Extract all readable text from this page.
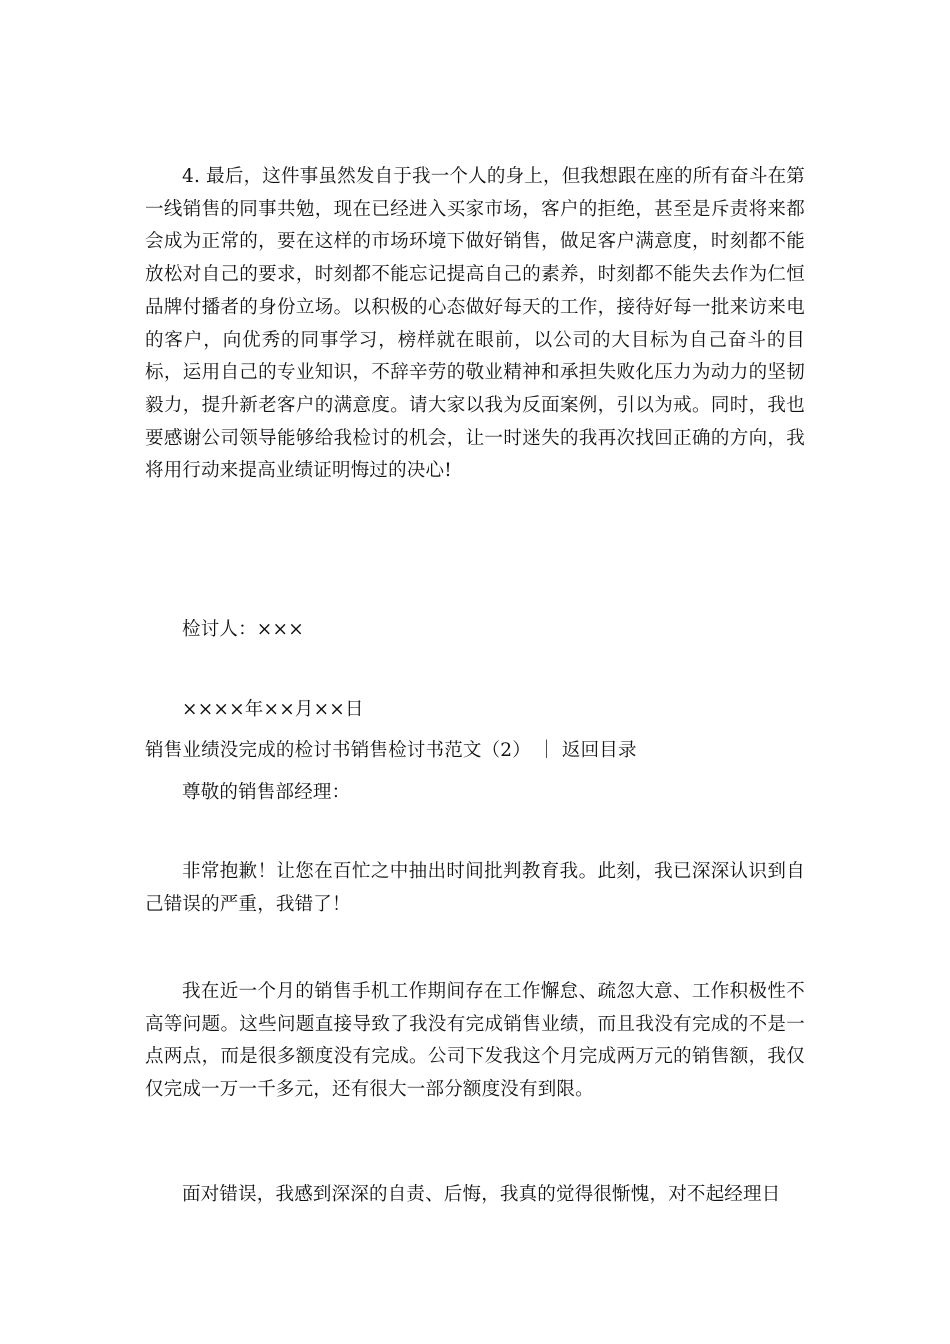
4. 最后，这件事虽然发自于我一个人的身上，但我想跟在座的所有奋斗在第一线销售的同事共勉，现在已经进入买家市场，客户的拒绝，甚至是斥责将来都会成为正常的，要在这样的市场环境下做好销售，做足客户满意度，时刻都不能放松对自己的要求，时刻都不能忘记提高自己的素养，时刻都不能失去作为仁恒品牌付播者的身份立场。以积极的心态做好每天的工作，接待好每一批来访来电的客户，向优秀的同事学习，榜样就在眼前，以公司的大目标为自己奋斗的目标，运用自己的专业知识，不辞辛劳的敬业精神和承担失败化压力为动力的坚韧毅力，提升新老客户的满意度。请大家以我为反面案例，引以为戒。同时，我也要感谢公司领导能够给我检讨的机会，让一时迷失的我再次找回正确的方向，我将用行动来提高业绩证明悔过的决心!

检讨人：×××

××××年××月××日

销售业绩没完成的检讨书销售检讨书范文（2） ｜ 返回目录

尊敬的销售部经理：

非常抱歉！让您在百忙之中抽出时间批判教育我。此刻，我已深深认识到自己错误的严重，我错了！

我在近一个月的销售手机工作期间存在工作懈怠、疏忽大意、工作积极性不高等问题。这些问题直接导致了我没有完成销售业绩，而且我没有完成的不是一点两点，而是很多额度没有完成。公司下发我这个月完成两万元的销售额，我仅仅完成一万一千多元，还有很大一部分额度没有到限。

面对错误，我感到深深的自责、后悔，我真的觉得很惭愧，对不起经理日
